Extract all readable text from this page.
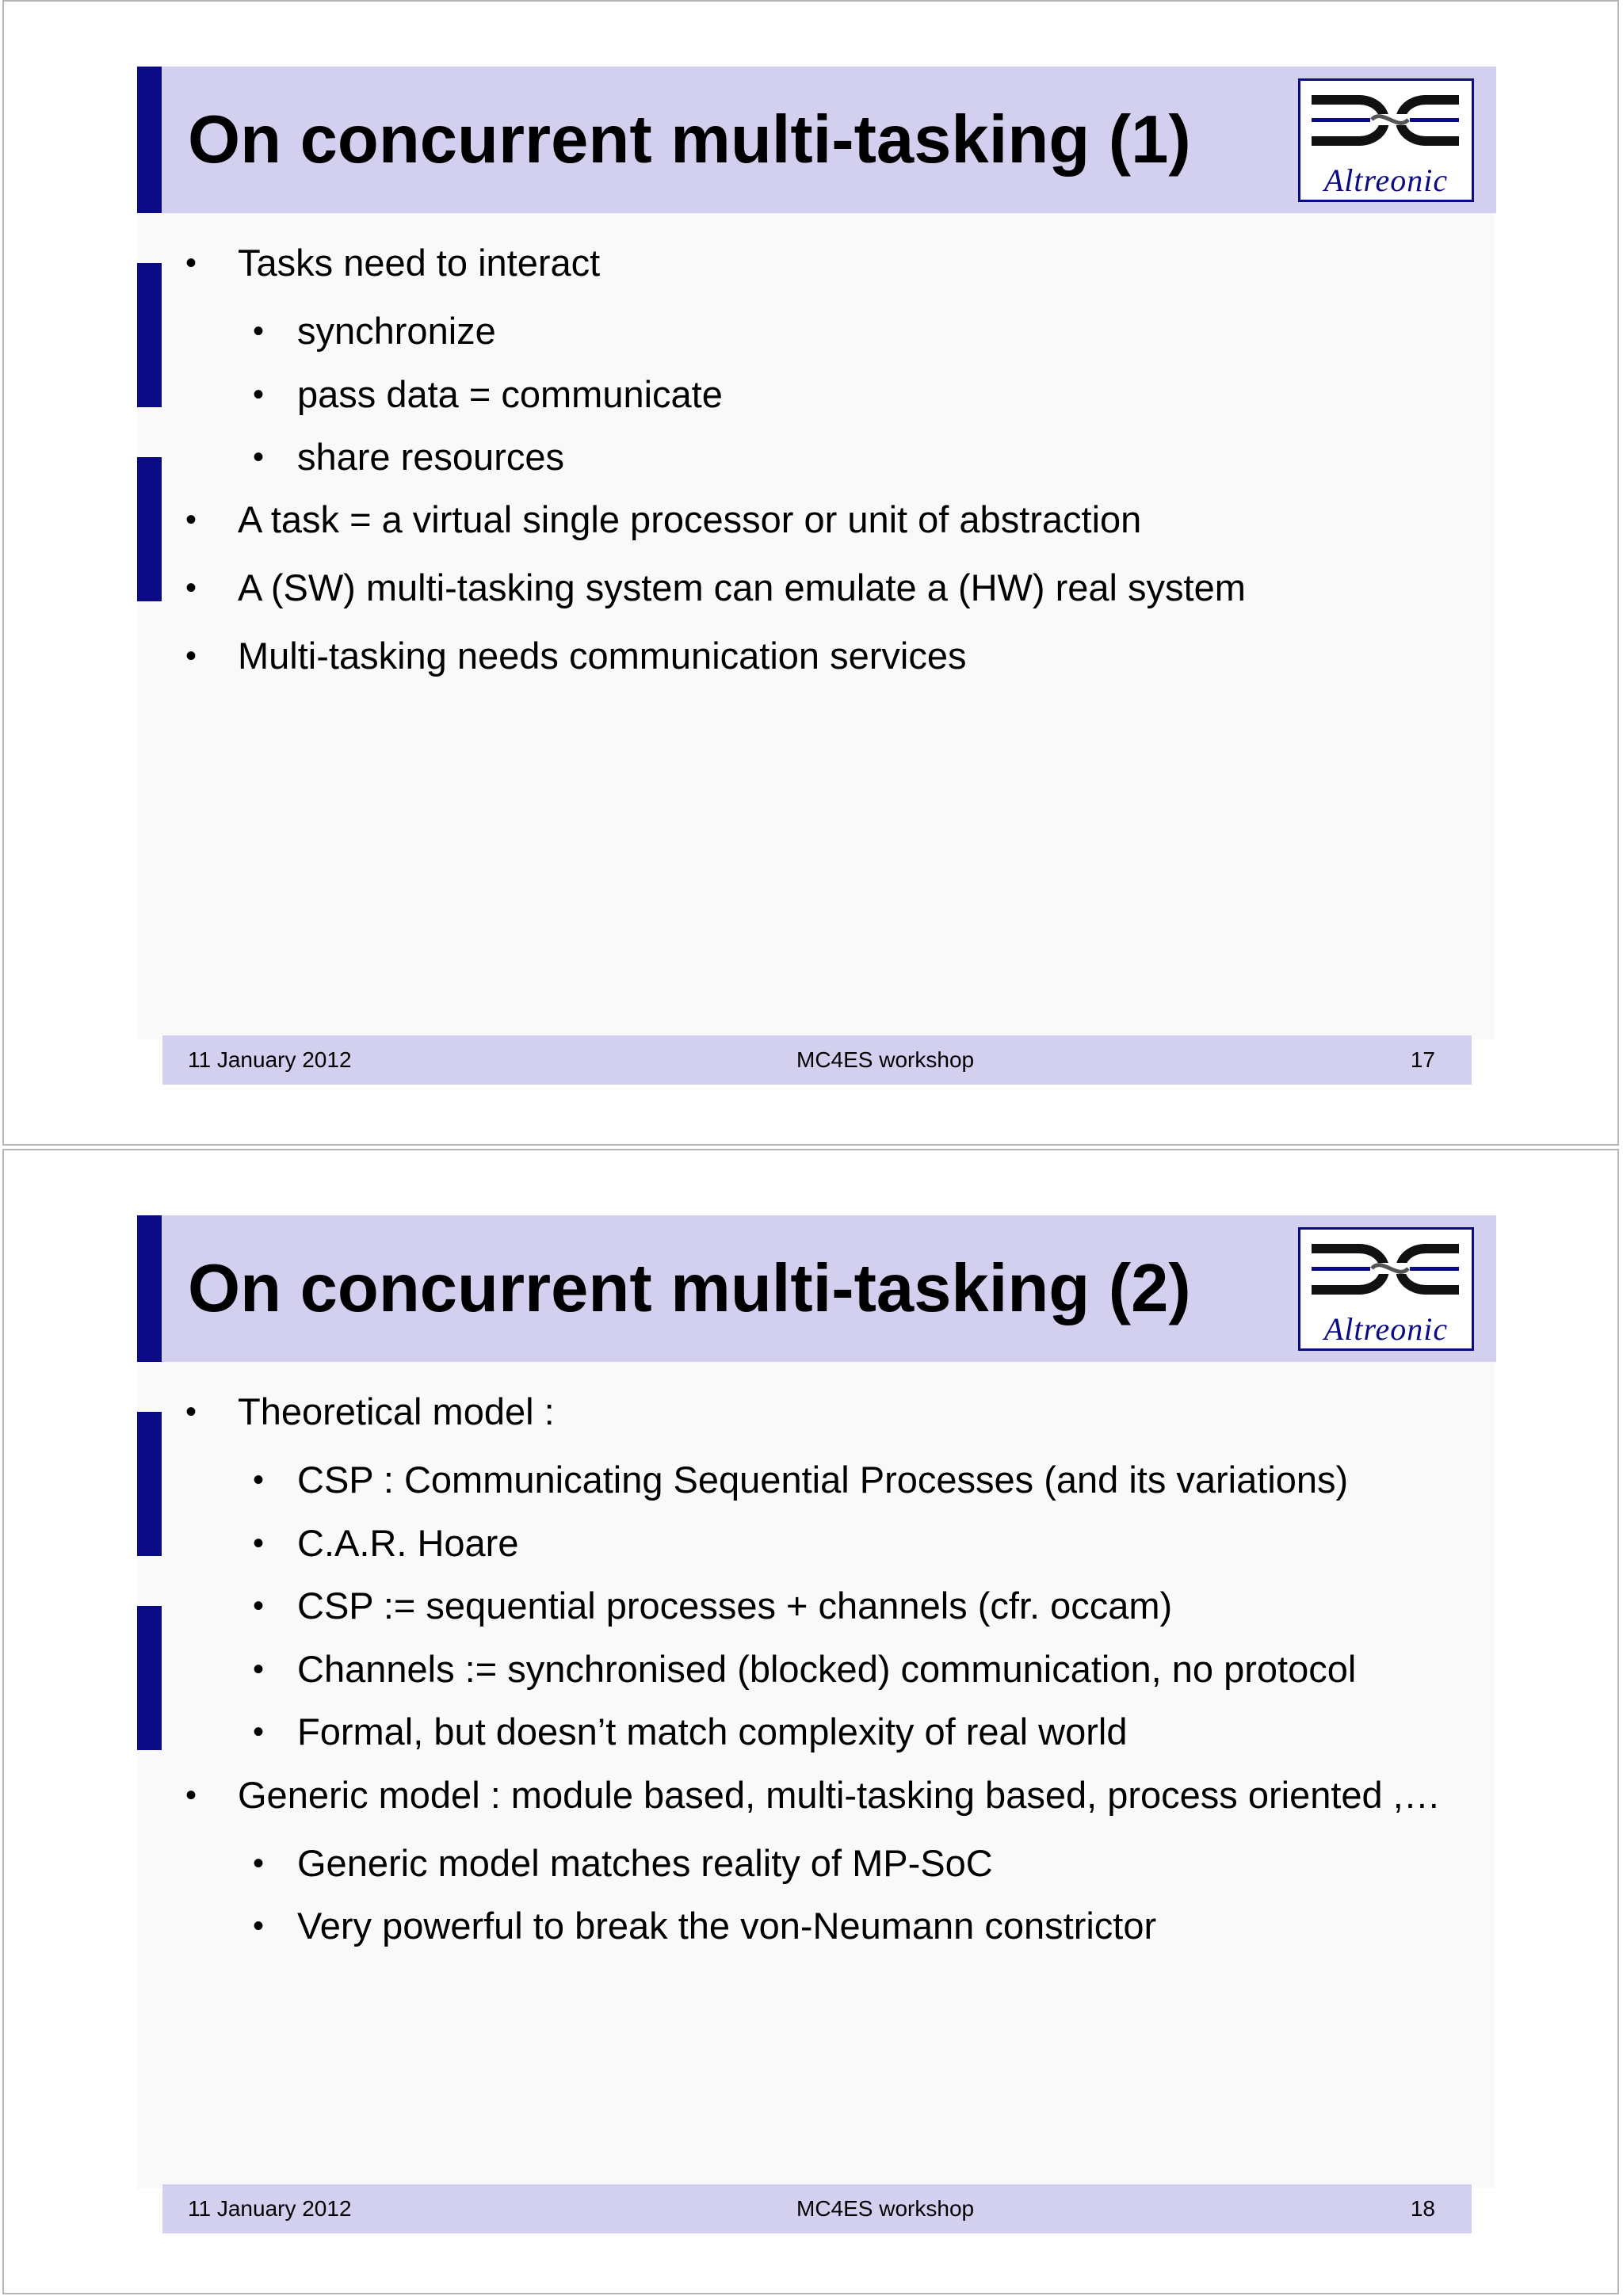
On concurrent multi-tasking (1)
Altreonic
• Tasks need to interact
• synchronize
• pass data = communicate
• share resources
• A task = a virtual single processor or unit of abstraction
• A (SW) multi-tasking system can emulate a (HW) real system
• Multi-tasking needs communication services
11 January 2012	MC4ES workshop	17
On concurrent multi-tasking (2)
Altreonic
• Theoretical model :
• CSP : Communicating Sequential Processes (and its variations)
• C.A.R. Hoare
• CSP := sequential processes + channels (cfr. occam)
• Channels := synchronised (blocked) communication, no protocol
• Formal, but doesn’t match complexity of real world
• Generic model : module based, multi-tasking based, process oriented ,…
• Generic model matches reality of MP-SoC
• Very powerful to break the von-Neumann constrictor
11 January 2012	MC4ES workshop	18
